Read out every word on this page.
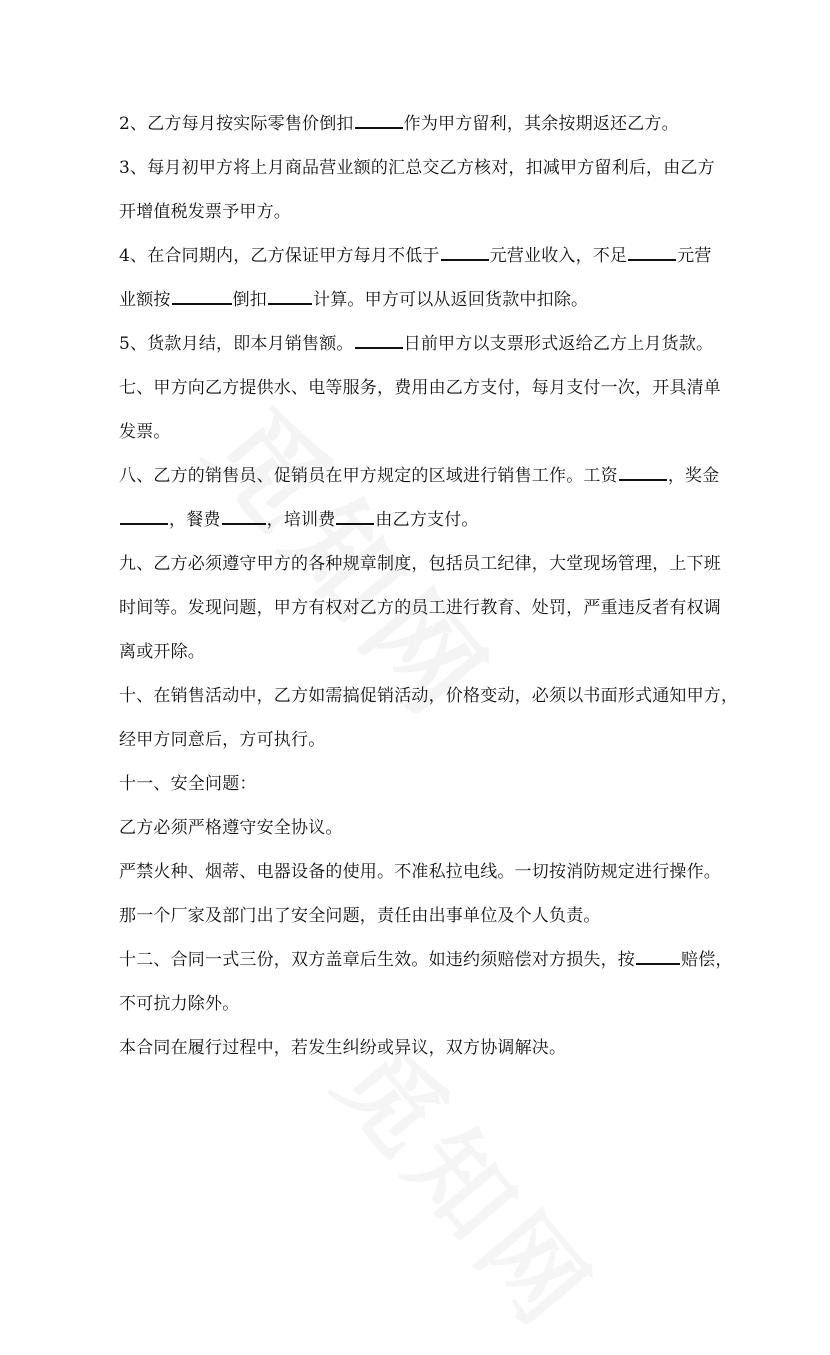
2、乙方每月按实际零售价倒扣	作为甲方留利，其余按期返还乙方。
3、每月初甲方将上月商品营业额的汇总交乙方核对，扣减甲方留利后，由乙方
开增值税发票予甲方。
4、在合同期内，乙方保证甲方每月不低于	元营业收入，不足	元营
业额按	倒扣	计算。甲方可以从返回货款中扣除。
5、货款月结，即本月销售额。	日前甲方以支票形式返给乙方上月货款。
七、甲方向乙方提供水、电等服务，费用由乙方支付，每月支付一次，开具清单
发票。
八、乙方的销售员、促销员在甲方规定的区域进行销售工作。工资	，奖金
，餐费	，培训费 由乙方支付。
九、乙方必须遵守甲方的各种规章制度，包括员工纪律，大堂现场管理，上下班
时间等。发现问题，甲方有权对乙方的员工进行教育、处罚，严重违反者有权调
离或开除。
十、在销售活动中，乙方如需搞促销活动，价格变动，必须以书面形式通知甲方，
经甲方同意后，方可执行。
十一、安全问题：
乙方必须严格遵守安全协议。
严禁火种、烟蒂、电器设备的使用。不准私拉电线。一切按消防规定进行操作。
那一个厂家及部门出了安全问题，责任由出事单位及个人负责。
十二、合同一式三份，双方盖章后生效。如违约须赔偿对方损失，按	赔偿，
不可抗力除外。
本合同在履行过程中，若发生纠纷或异议，双方协调解决。
